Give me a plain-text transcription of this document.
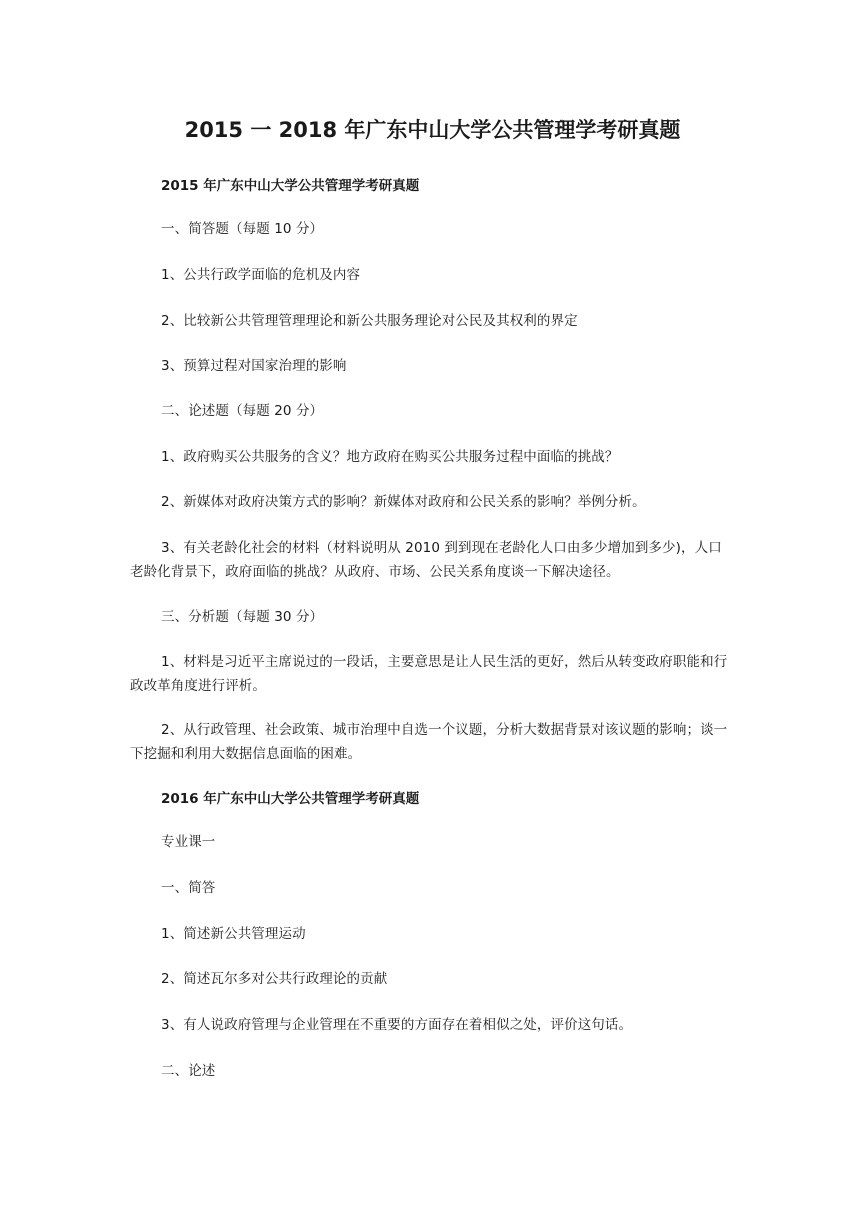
2015 一 2018 年广东中山大学公共管理学考研真题
2015 年广东中山大学公共管理学考研真题

一、简答题（每题 10 分）

1、公共行政学面临的危机及内容

2、比较新公共管理管理理论和新公共服务理论对公民及其权利的界定

3、预算过程对国家治理的影响

二、论述题（每题 20 分）

1、政府购买公共服务的含义？地方政府在购买公共服务过程中面临的挑战？

2、新媒体对政府决策方式的影响？新媒体对政府和公民关系的影响？举例分析。

3、有关老龄化社会的材料（材料说明从 2010 到到现在老龄化人口由多少增加到多少)，人口老龄化背景下，政府面临的挑战？从政府、市场、公民关系角度谈一下解决途径。

三、分析题（每题 30 分）

1、材料是习近平主席说过的一段话，主要意思是让人民生活的更好，然后从转变政府职能和行政改革角度进行评析。

2、从行政管理、社会政策、城市治理中自选一个议题，分析大数据背景对该议题的影响；谈一下挖掘和利用大数据信息面临的困难。

2016 年广东中山大学公共管理学考研真题

专业课一

一、简答

1、简述新公共管理运动

2、简述瓦尔多对公共行政理论的贡献

3、有人说政府管理与企业管理在不重要的方面存在着相似之处，评价这句话。

二、论述
